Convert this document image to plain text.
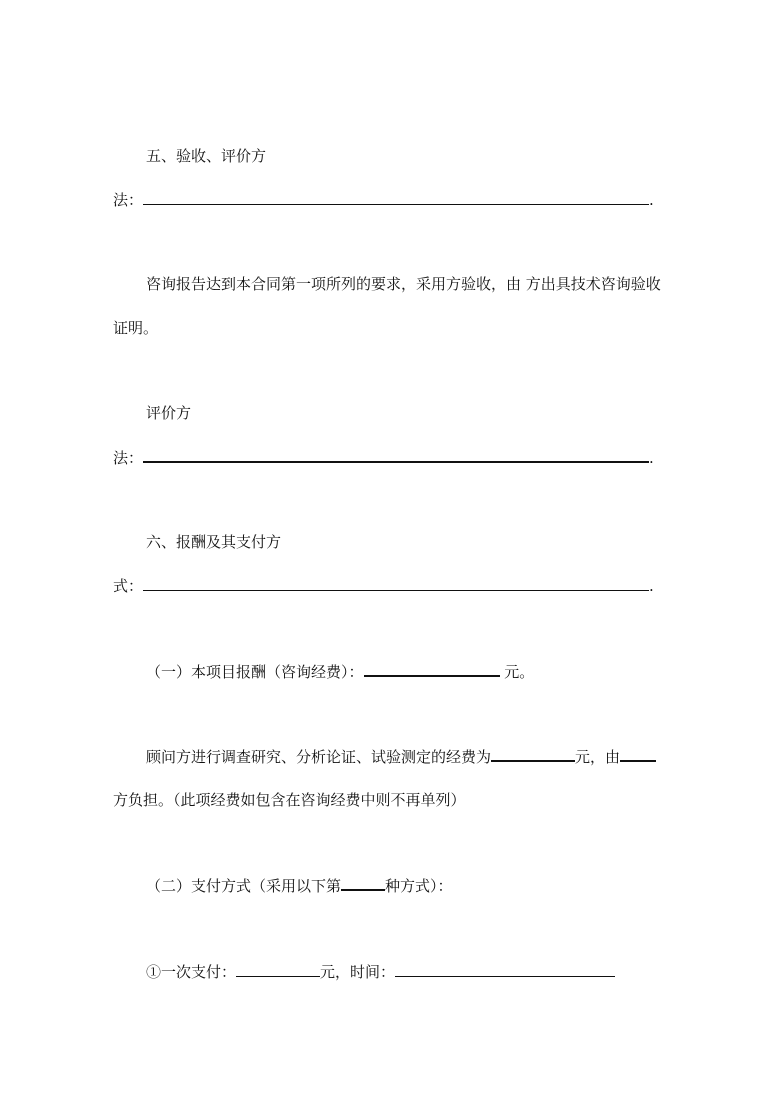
五、验收、评价方
法：	.
咨询报告达到本合同第一项所列的要求，采用方验收，由 方出具技术咨询验收
证明。
评价方
法：	.
六、报酬及其支付方
式：	.
（一）本项目报酬（咨询经费）：	元。
顾问方进行调查研究、分析论证、试验测定的经费为	元，由
方负担。（此项经费如包含在咨询经费中则不再单列）
（二）支付方式（采用以下第	种方式）：
①一次支付：	元，时间：
